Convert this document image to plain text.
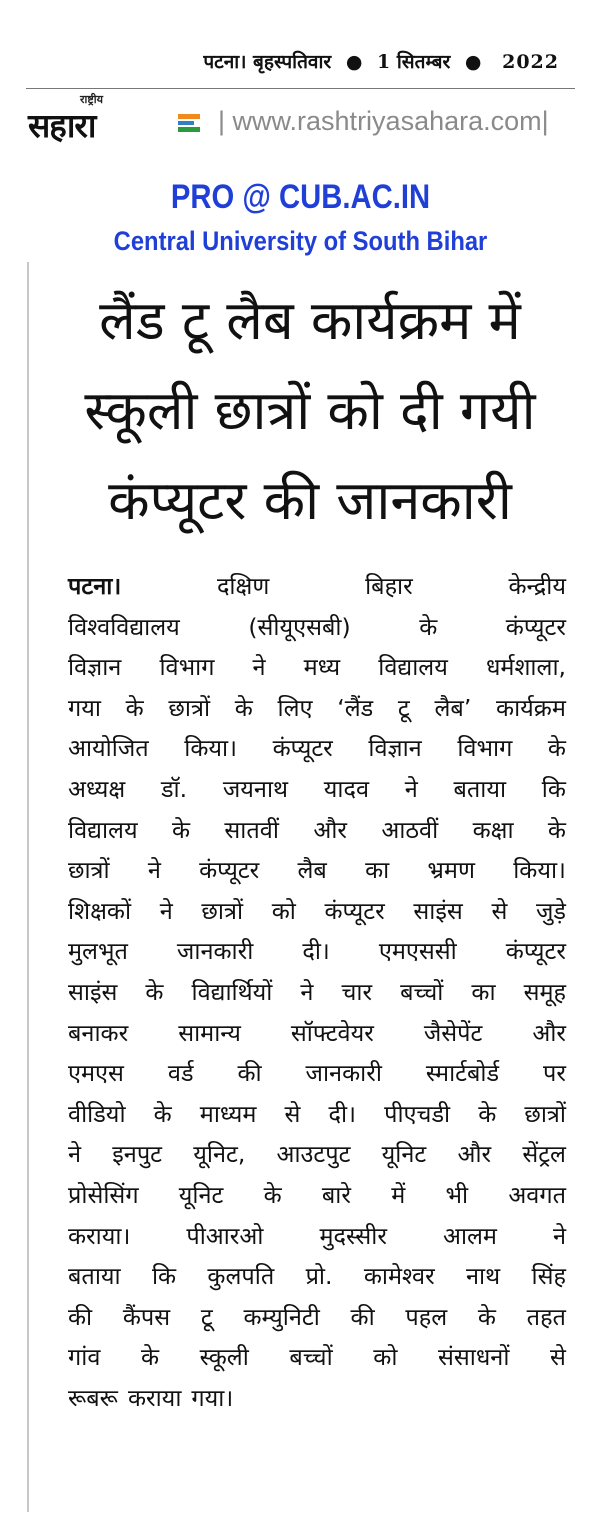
पटना। बृहस्पतिवार ● 1 सितम्बर ● 2022
राष्ट्रीय
सहारा	| www.rashtriyasahara.com|
PRO @ CUB.AC.IN
Central University of South Bihar
लैंड टू लैब कार्यक्रम में
स्कूली छात्रों को दी गयी
कंप्यूटर की जानकारी
पटना।	दक्षिण	बिहार	केन्द्रीय
विश्वविद्यालय	(सीयूएसबी)	के	कंप्यूटर
विज्ञान विभाग ने मध्य विद्यालय धर्मशाला,
गया के छात्रों के लिए ‘लैंड टू लैब’ कार्यक्रम
आयोजित किया। कंप्यूटर विज्ञान विभाग के
अध्यक्ष डॉ. जयनाथ यादव ने बताया कि
विद्यालय के सातवीं और आठवीं कक्षा के
छात्रों ने कंप्यूटर लैब का भ्रमण किया।
शिक्षकों ने छात्रों को कंप्यूटर साइंस से जुड़े
मुलभूत जानकारी दी। एमएससी कंप्यूटर
साइंस के विद्यार्थियों ने चार बच्चों का समूह
बनाकर सामान्य सॉफ्टवेयर जैसेपेंट और
एमएस वर्ड की जानकारी स्मार्टबोर्ड पर
वीडियो के माध्यम से दी। पीएचडी के छात्रों
ने इनपुट यूनिट, आउटपुट यूनिट और सेंट्रल
प्रोसेसिंग यूनिट के बारे में भी अवगत
कराया। पीआरओ मुदस्सीर आलम ने
बताया कि कुलपति प्रो. कामेश्वर नाथ सिंह
की कैंपस टू कम्युनिटी की पहल के तहत
गांव के स्कूली बच्चों को संसाधनों से
रूबरू कराया गया।
